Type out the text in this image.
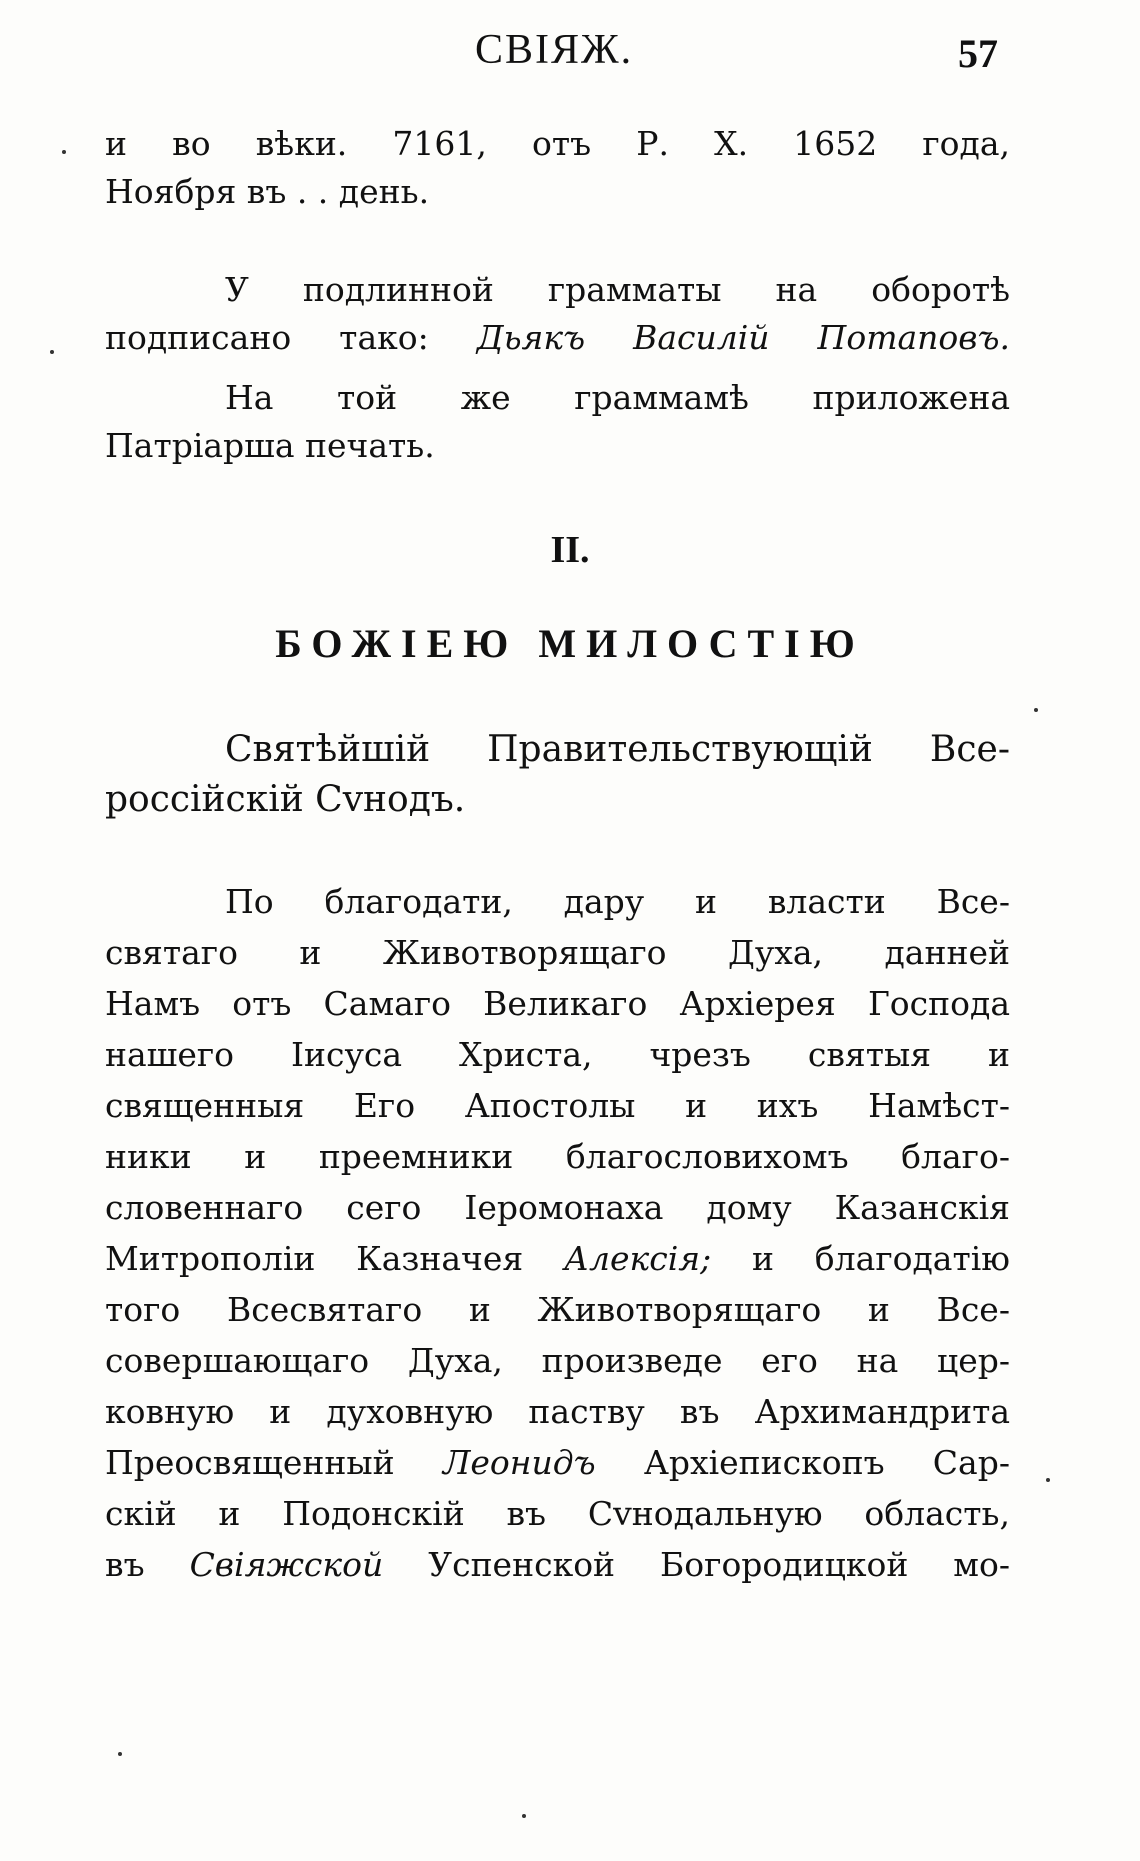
СВІЯЖ.	57
и во вѣки. 7161, отъ Р. Х. 1652 года,
Ноября въ . . день.
У подлинной грамматы на оборотѣ
подписано тако: Дьякъ Василій Потаповъ.
На той же граммамѣ приложена
Патріарша печать.
II.
БОЖІЕЮ МИЛОСТІЮ
Святѣйшій Правительствующій Все-
россійскій Сvнодъ.
По благодати, дару и власти Все-
святаго и Животворящаго Духа, данней
Намъ отъ Самаго Великаго Архіерея Господа
нашего Іисуса Христа, чрезъ святыя и
священныя Его Апостолы и ихъ Намѣст-
ники и преемники благословихомъ благо-
словеннаго сего Іеромонаха дому Казанскія
Митрополіи Казначея Алексія; и благодатію
того Всесвятаго и Животворящаго и Все-
совершающаго Духа, произведе его на цер-
ковную и духовную паству въ Архимандрита
Преосвященный Леонидъ Архіепископъ Сар-
скій и Подонскій въ Сvнодальную область,
въ Свіяжской Успенской Богородицкой мо-
